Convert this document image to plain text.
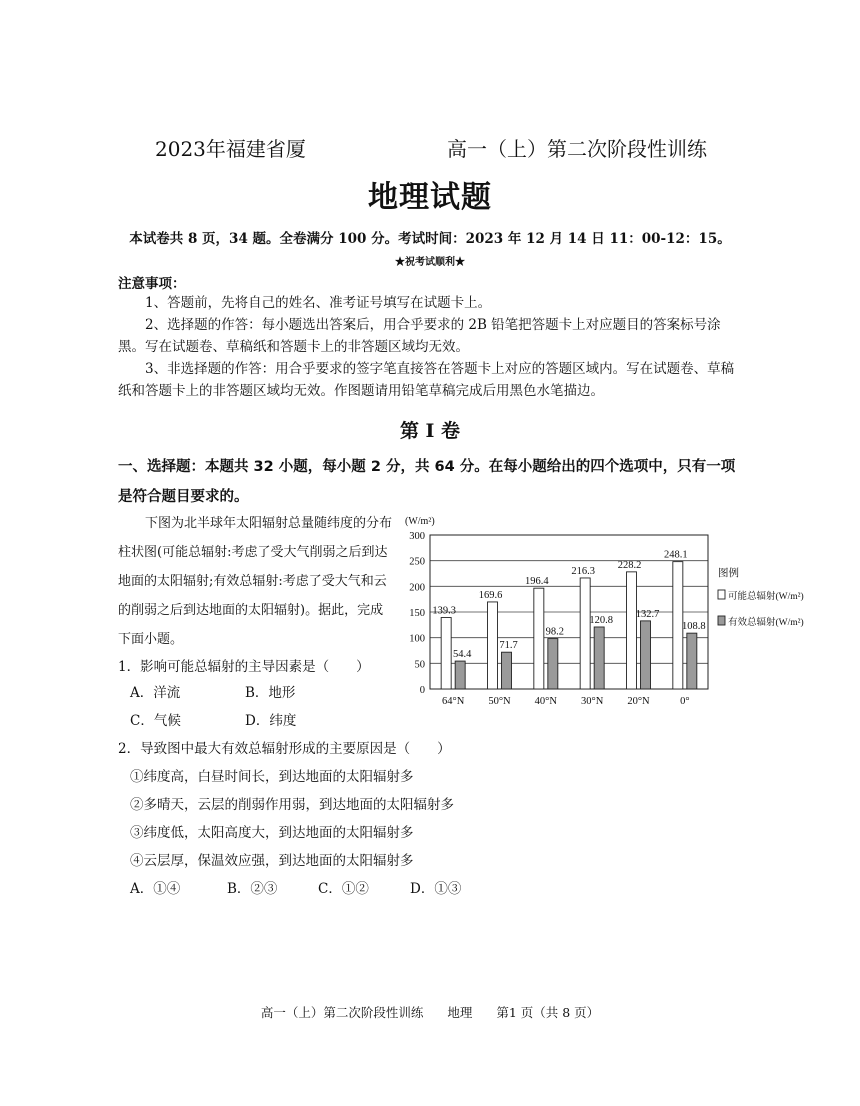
2023年福建省厦	高一（上）第二次阶段性训练
地理试题
本试卷共 8 页，34 题。全卷满分 100 分。考试时间：2023 年 12 月 14 日 11：00-12：15。
★祝考试顺利★
注意事项：
1、答题前，先将自己的姓名、准考证号填写在试题卡上。
2、选择题的作答：每小题选出答案后，用合乎要求的 2B 铅笔把答题卡上对应题目的答案标号涂黑。写在试题卷、草稿纸和答题卡上的非答题区域均无效。
3、非选择题的作答：用合乎要求的签字笔直接答在答题卡上对应的答题区域内。写在试题卷、草稿纸和答题卡上的非答题区域均无效。作图题请用铅笔草稿完成后用黑色水笔描边。
第 I 卷
一、选择题：本题共 32 小题，每小题 2 分，共 64 分。在每小题给出的四个选项中，只有一项是符合题目要求的。
下图为北半球年太阳辐射总量随纬度的分布柱状图(可能总辐射:考虑了受大气削弱之后到达地面的太阳辐射;有效总辐射:考虑了受大气和云的削弱之后到达地面的太阳辐射)。据此，完成下面小题。
(W/m²)
0
50
100
150
200
250
300
139.3
54.4
64°N
169.6
71.7
50°N
196.4
98.2
40°N
216.3
120.8
30°N
228.2
132.7
20°N
248.1
108.8
0°
图例
可能总辐射(W/m²)
有效总辐射(W/m²)
1．影响可能总辐射的主导因素是（　　）
A．洋流	B．地形
C．气候	D．纬度
2．导致图中最大有效总辐射形成的主要原因是（　　）
①纬度高，白昼时间长，到达地面的太阳辐射多
②多晴天，云层的削弱作用弱，到达地面的太阳辐射多
③纬度低，太阳高度大，到达地面的太阳辐射多
④云层厚，保温效应强，到达地面的太阳辐射多
A．①④	B．②③	C．①②	D．①③
高一（上）第二次阶段性训练 地理 第1 页（共 8 页）
